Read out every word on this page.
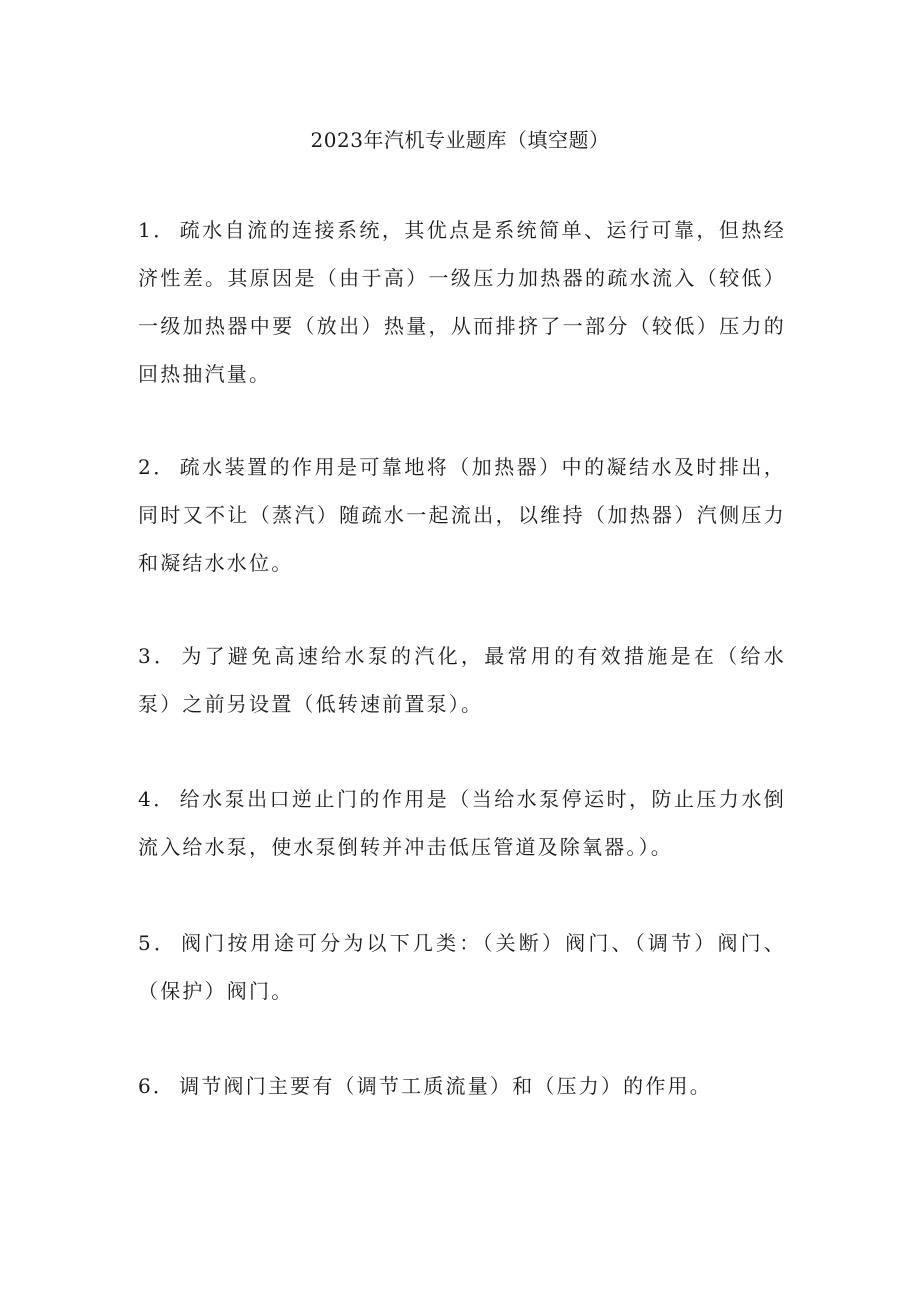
2023年汽机专业题库（填空题）
1． 疏水自流的连接系统，其优点是系统简单、运行可靠，但热经济性差。其原因是（由于高）一级压力加热器的疏水流入（较低）一级加热器中要（放出）热量，从而排挤了一部分（较低）压力的回热抽汽量。
2． 疏水装置的作用是可靠地将（加热器）中的凝结水及时排出，同时又不让（蒸汽）随疏水一起流出，以维持（加热器）汽侧压力和凝结水水位。
3． 为了避免高速给水泵的汽化，最常用的有效措施是在（给水泵）之前另设置（低转速前置泵）。
4． 给水泵出口逆止门的作用是（当给水泵停运时，防止压力水倒流入给水泵，使水泵倒转并冲击低压管道及除氧器。）。
5． 阀门按用途可分为以下几类：（关断）阀门、（调节）阀门、（保护）阀门。
6． 调节阀门主要有（调节工质流量）和（压力）的作用。
